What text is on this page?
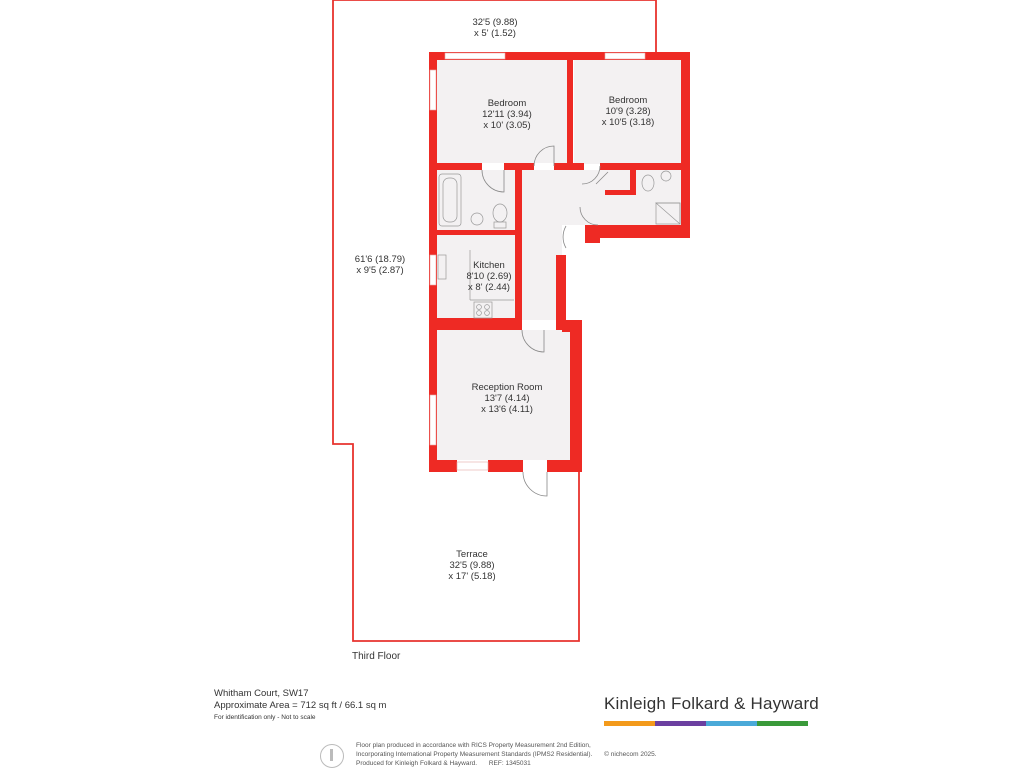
32'5 (9.88)
x 5' (1.52)
Bedroom
12'11 (3.94)
x 10' (3.05)
Bedroom
10'9 (3.28)
x 10'5 (3.18)
61'6 (18.79)
x 9'5 (2.87)	Kitchen
8'10 (2.69)
x 8' (2.44)
Reception Room
13'7 (4.14)
x 13'6 (4.11)
Terrace
32'5 (9.88)
x 17' (5.18)
Third Floor
Whitham Court, SW17
Approximate Area = 712 sq ft / 66.1 sq m
For identification only - Not to scale
Kinleigh Folkard & Hayward
Floor plan produced in accordance with RICS Property Measurement 2nd Edition,
Incorporating International Property Measurement Standards (IPMS2 Residential). © nichecom 2025.
Produced for Kinleigh Folkard & Hayward. REF: 1345031
